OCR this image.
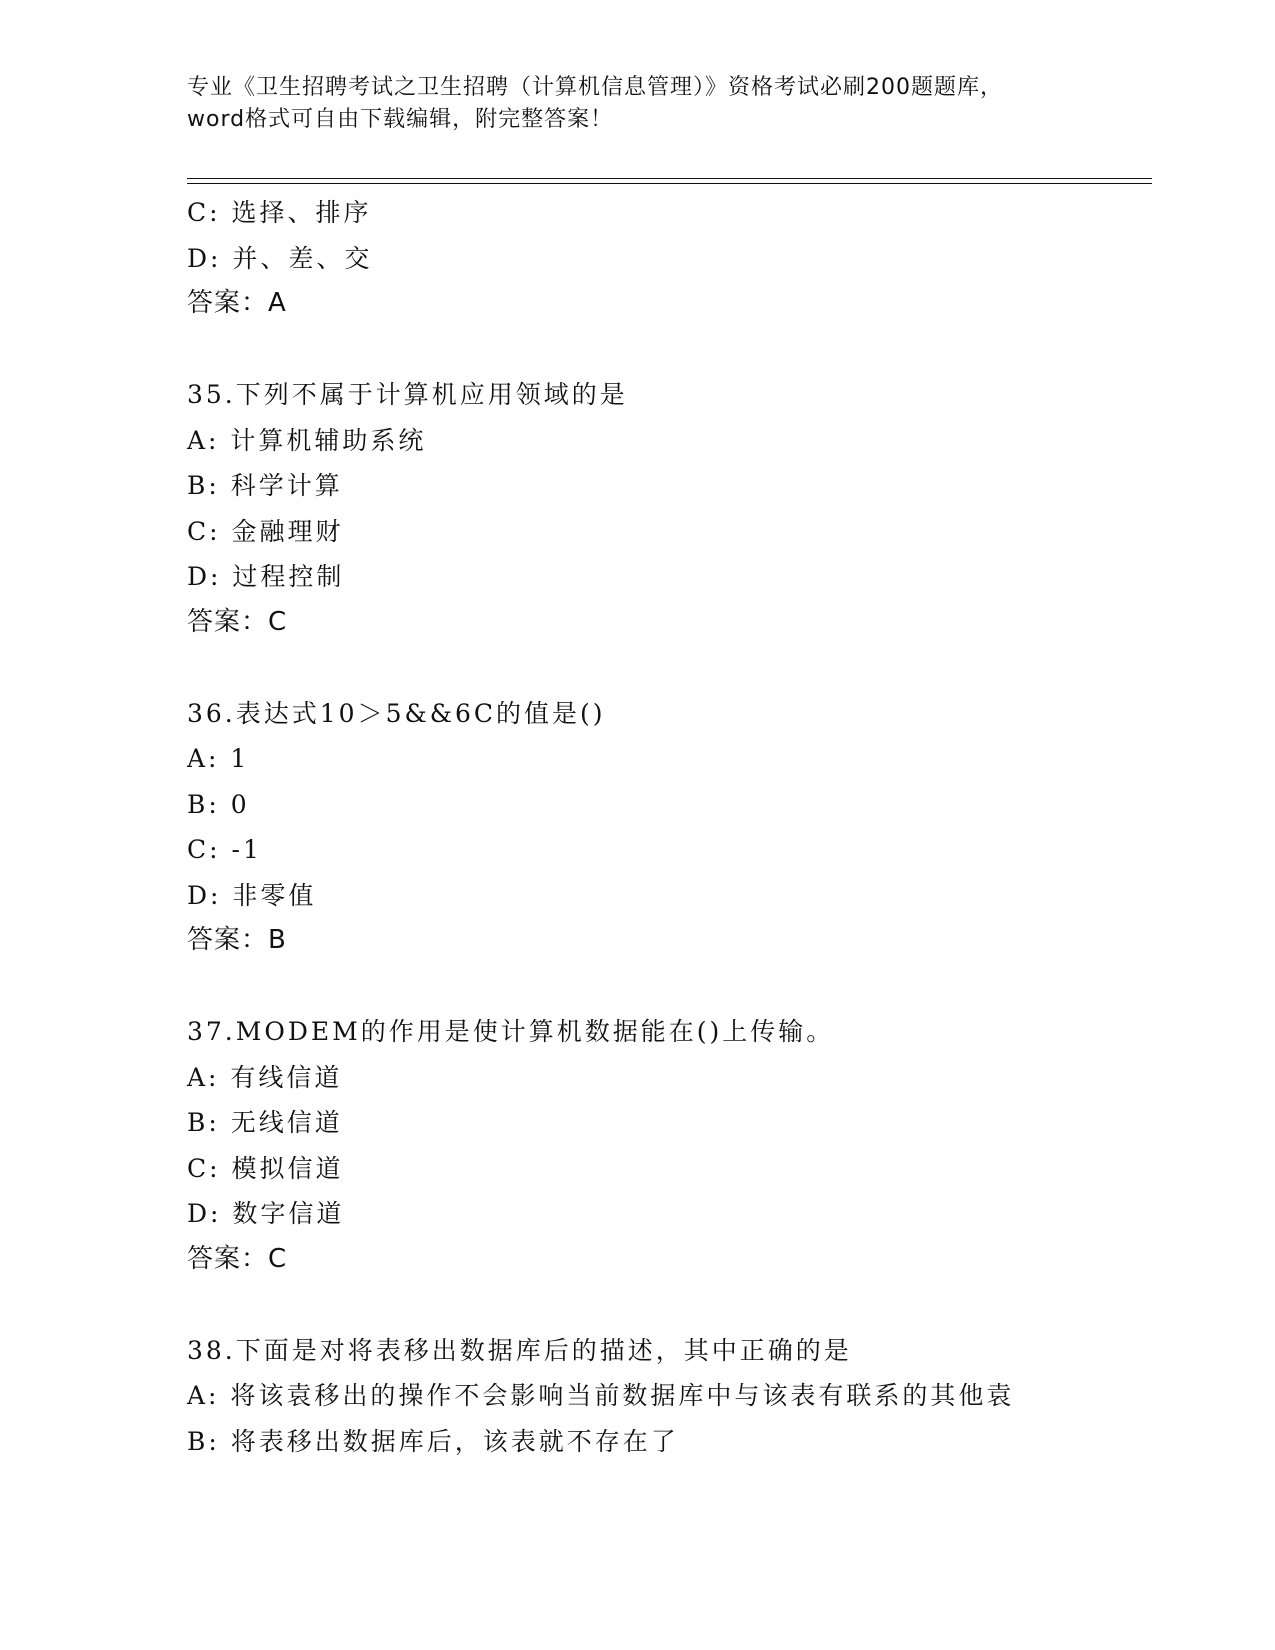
专业《卫生招聘考试之卫生招聘（计算机信息管理）》资格考试必刷200题题库，
word格式可自由下载编辑，附完整答案！
C: 选择、排序
D: 并、差、交
答案：A
35.下列不属于计算机应用领域的是
A: 计算机辅助系统
B: 科学计算
C: 金融理财
D: 过程控制
答案：C
36.表达式10＞5&&6C的值是()
A: 1
B: 0
C: -1
D: 非零值
答案：B
37.MODEM的作用是使计算机数据能在()上传输。
A: 有线信道
B: 无线信道
C: 模拟信道
D: 数字信道
答案：C
38.下面是对将表移出数据库后的描述，其中正确的是
A: 将该袁移出的操作不会影响当前数据库中与该表有联系的其他袁
B: 将表移出数据库后，该表就不存在了
